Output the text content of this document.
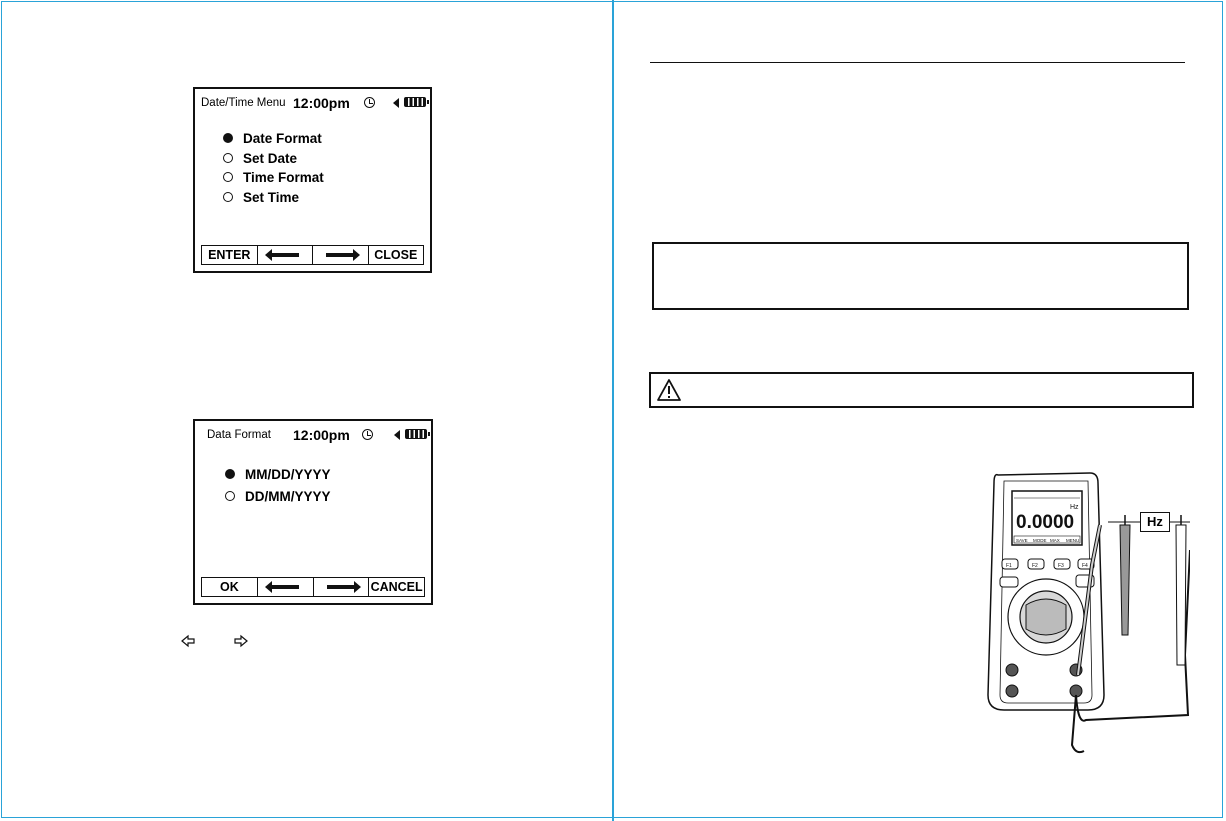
Date/Time Menu 12:00pm
Date Format
Set Date
Time Format
Set Time
ENTER	CLOSE
Data Format 12:00pm
MM/DD/YYYY
DD/MM/YYYY
OK	CANCEL
Hz
0.0000
SAVE MODE MAX MENU
F1	F2	F3	F4
Hz
